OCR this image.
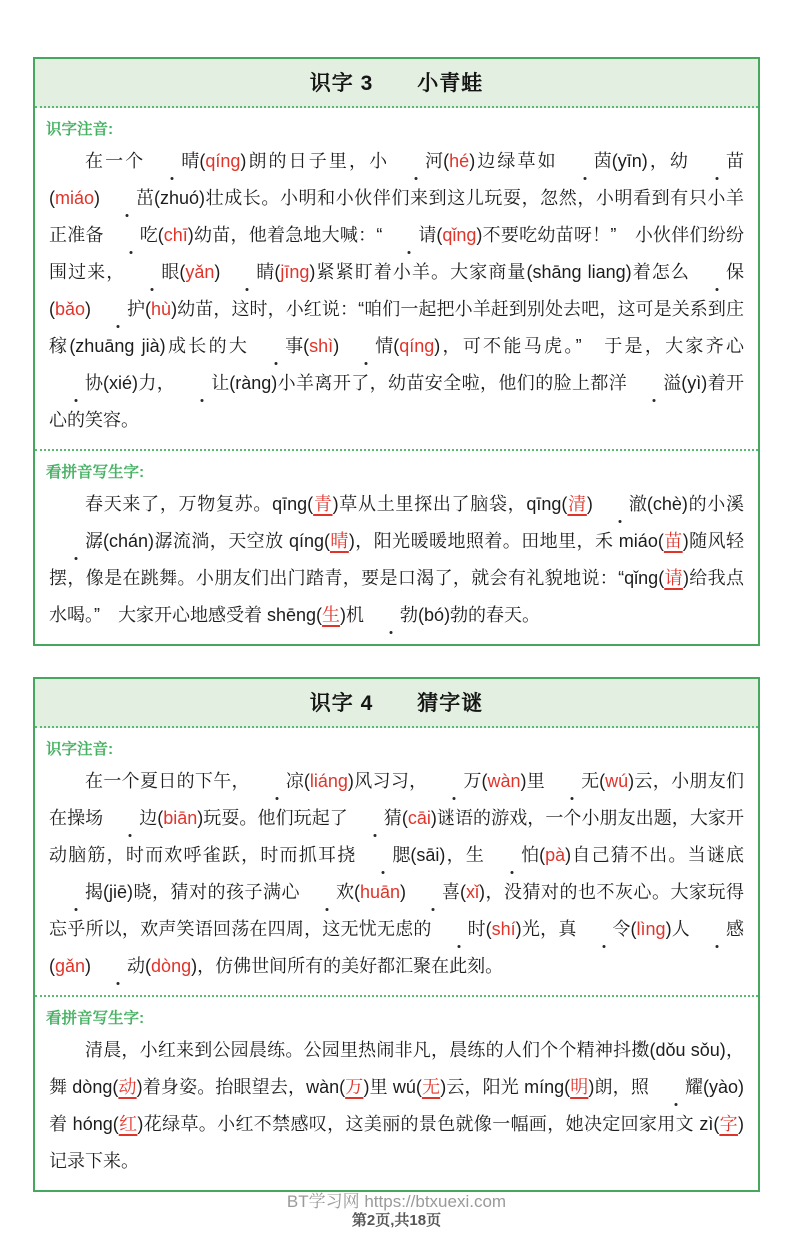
识字 3　　小青蛙
识字注音:

在一个 晴(qíng)朗的日子里，小 河(hé)边绿草如 茵(yīn)，幼 苗(miáo) 茁(zhuó)壮成长。小明和小伙伴们来到这儿玩耍，忽然，小明看到有只小羊正准备 吃(chī)幼苗，他着急地大喊：“ 请(qǐng)不要吃幼苗呀！”　小伙伴们纷纷围过来， 眼(yǎn) 睛(jīng)紧紧盯着小羊。大家商量(shāng liang)着怎么 保(bǎo) 护(hù)幼苗，这时，小红说：“咱们一起把小羊赶到别处去吧，这可是关系到庄稼(zhuāng jià)成长的大 事(shì) 情(qíng)，可不能马虎。”　于是，大家齐心协(xié)力， 让(ràng)小羊离开了，幼苗安全啦，他们的脸上都洋 溢(yì)着开心的笑容。

看拼音写生字:

春天来了，万物复苏。qīng(青)草从土里探出了脑袋，qīng(清) 澈(chè)的小溪潺(chán)潺流淌，天空放 qíng(晴)，阳光暖暖地照着。田地里，禾 miáo(苗)随风轻摆，像是在跳舞。小朋友们出门踏青，要是口渴了，就会有礼貌地说：“qǐng(请)给我点水喝。”　大家开心地感受着 shēng(生)机 勃(bó)勃的春天。

识字 4　　猜字谜
识字注音:

在一个夏日的下午， 凉(liáng)风习习， 万(wàn)里 无(wú)云，小朋友们在操场 边(biān)玩耍。他们玩起了 猜(cāi)谜语的游戏，一个小朋友出题，大家开动脑筋，时而欢呼雀跃，时而抓耳挠 腮(sāi)，生 怕(pà)自己猜不出。当谜底揭(jiē)晓，猜对的孩子满心 欢(huān) 喜(xǐ)，没猜对的也不灰心。大家玩得忘乎所以，欢声笑语回荡在四周，这无忧无虑的 时(shí)光，真 令(lìng)人 感(gǎn) 动(dòng)，仿佛世间所有的美好都汇聚在此刻。

看拼音写生字:

清晨，小红来到公园晨练。公园里热闹非凡，晨练的人们个个精神抖擞(dǒu sǒu)，舞 dòng(动)着身姿。抬眼望去，wàn(万)里 wú(无)云，阳光 míng(明)朗，照 耀(yào)着 hóng(红)花绿草。小红不禁感叹，这美丽的景色就像一幅画，她决定回家用文 zì(字)记录下来。

BT学习网 https://btxuexi.com
第2页,共18页
